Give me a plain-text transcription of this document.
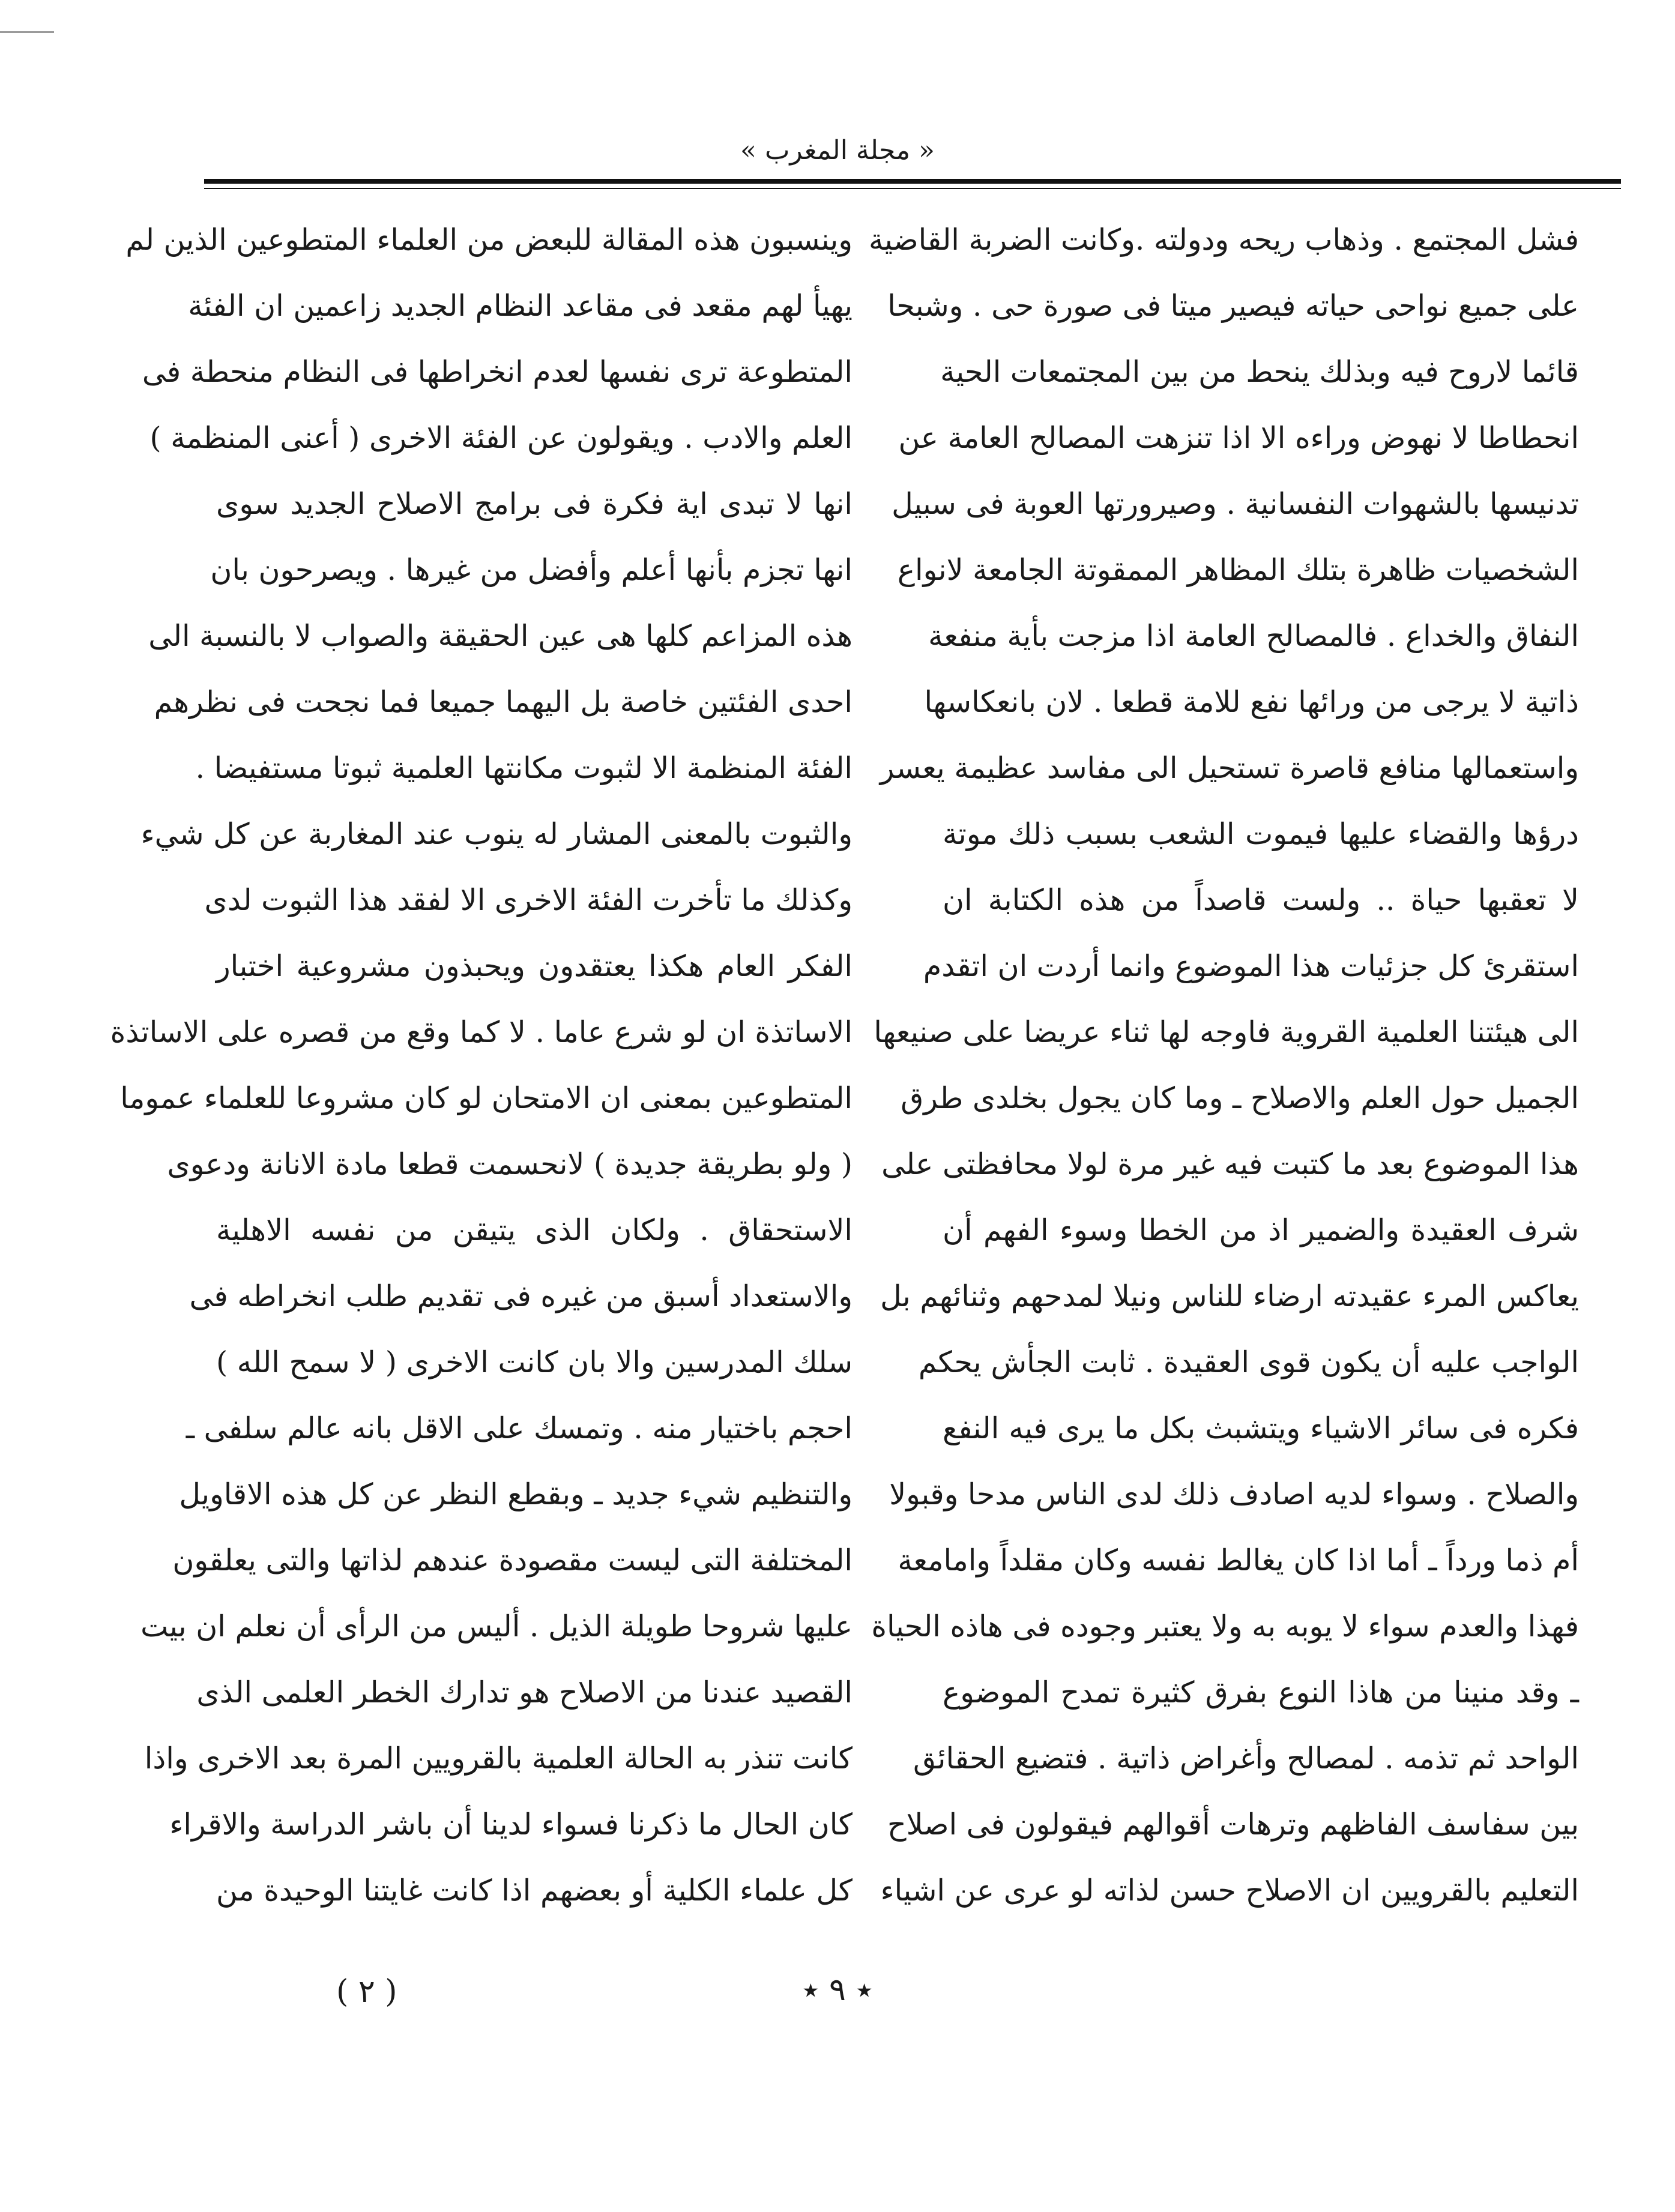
« مجلة المغرب »
فشل المجتمع . وذهاب ريحه ودولته .وكانت الضربة القاضية
على جميع نواحى حياته فيصير ميتا فى صورة حى . وشبحا
قائما لاروح فيه وبذلك ينحط من بين المجتمعات الحية
انحطاطا لا نهوض وراءه الا اذا تنزهت المصالح العامة عن
تدنيسها بالشهوات النفسانية . وصيرورتها العوبة فى سبيل
الشخصيات ظاهرة بتلك المظاهر الممقوتة الجامعة لانواع
النفاق والخداع . فالمصالح العامة اذا مزجت بأية منفعة
ذاتية لا يرجى من ورائها نفع للامة قطعا . لان بانعكاسها
واستعمالها منافع قاصرة تستحيل الى مفاسد عظيمة يعسر
درؤها والقضاء عليها فيموت الشعب بسبب ذلك موتة
لا تعقبها حياة .. ولست قاصداً من هذه الكتابة ان
استقرئ كل جزئيات هذا الموضوع وانما أردت ان اتقدم
الى هيئتنا العلمية القروية فاوجه لها ثناء عريضا على صنيعها
الجميل حول العلم والاصلاح ـ وما كان يجول بخلدى طرق
هذا الموضوع بعد ما كتبت فيه غير مرة لولا محافظتى على
شرف العقيدة والضمير اذ من الخطا وسوء الفهم أن
يعاكس المرء عقيدته ارضاء للناس ونيلا لمدحهم وثنائهم بل
الواجب عليه أن يكون قوى العقيدة . ثابت الجأش يحكم
فكره فى سائر الاشياء ويتشبث بكل ما يرى فيه النفع
والصلاح . وسواء لديه اصادف ذلك لدى الناس مدحا وقبولا
أم ذما ورداً ـ أما اذا كان يغالط نفسه وكان مقلداً وامامعة
فهذا والعدم سواء لا يوبه به ولا يعتبر وجوده فى هاذه الحياة
ـ وقد منينا من هاذا النوع بفرق كثيرة تمدح الموضوع
الواحد ثم تذمه . لمصالح وأغراض ذاتية . فتضيع الحقائق
بين سفاسف الفاظهم وترهات أقوالهم فيقولون فى اصلاح
التعليم بالقرويين ان الاصلاح حسن لذاته لو عرى عن اشياء
وينسبون هذه المقالة للبعض من العلماء المتطوعين الذين لم
يهيأ لهم مقعد فى مقاعد النظام الجديد زاعمين ان الفئة
المتطوعة ترى نفسها لعدم انخراطها فى النظام منحطة فى
العلم والادب . ويقولون عن الفئة الاخرى ( أعنى المنظمة )
انها لا تبدى اية فكرة فى برامج الاصلاح الجديد سوى
انها تجزم بأنها أعلم وأفضل من غيرها . ويصرحون بان
هذه المزاعم كلها هى عين الحقيقة والصواب لا بالنسبة الى
احدى الفئتين خاصة بل اليهما جميعا فما نجحت فى نظرهم
الفئة المنظمة الا لثبوت مكانتها العلمية ثبوتا مستفيضا .
والثبوت بالمعنى المشار له ينوب عند المغاربة عن كل شيء
وكذلك ما تأخرت الفئة الاخرى الا لفقد هذا الثبوت لدى
الفكر العام هكذا يعتقدون ويحبذون مشروعية اختبار
الاساتذة ان لو شرع عاما . لا كما وقع من قصره على الاساتذة
المتطوعين بمعنى ان الامتحان لو كان مشروعا للعلماء عموما
( ولو بطريقة جديدة ) لانحسمت قطعا مادة الانانة ودعوى
الاستحقاق . ولكان الذى يتيقن من نفسه الاهلية
والاستعداد أسبق من غيره فى تقديم طلب انخراطه فى
سلك المدرسين والا بان كانت الاخرى ( لا سمح الله )
احجم باختيار منه . وتمسك على الاقل بانه عالم سلفى ـ
والتنظيم شيء جديد ـ وبقطع النظر عن كل هذه الاقاويل
المختلفة التى ليست مقصودة عندهم لذاتها والتى يعلقون
عليها شروحا طويلة الذيل . أليس من الرأى أن نعلم ان بيت
القصيد عندنا من الاصلاح هو تدارك الخطر العلمى الذى
كانت تنذر به الحالة العلمية بالقرويين المرة بعد الاخرى واذا
كان الحال ما ذكرنا فسواء لدينا أن باشر الدراسة والاقراء
كل علماء الكلية أو بعضهم اذا كانت غايتنا الوحيدة من
٭ ٩ ٭
( ٢ )
